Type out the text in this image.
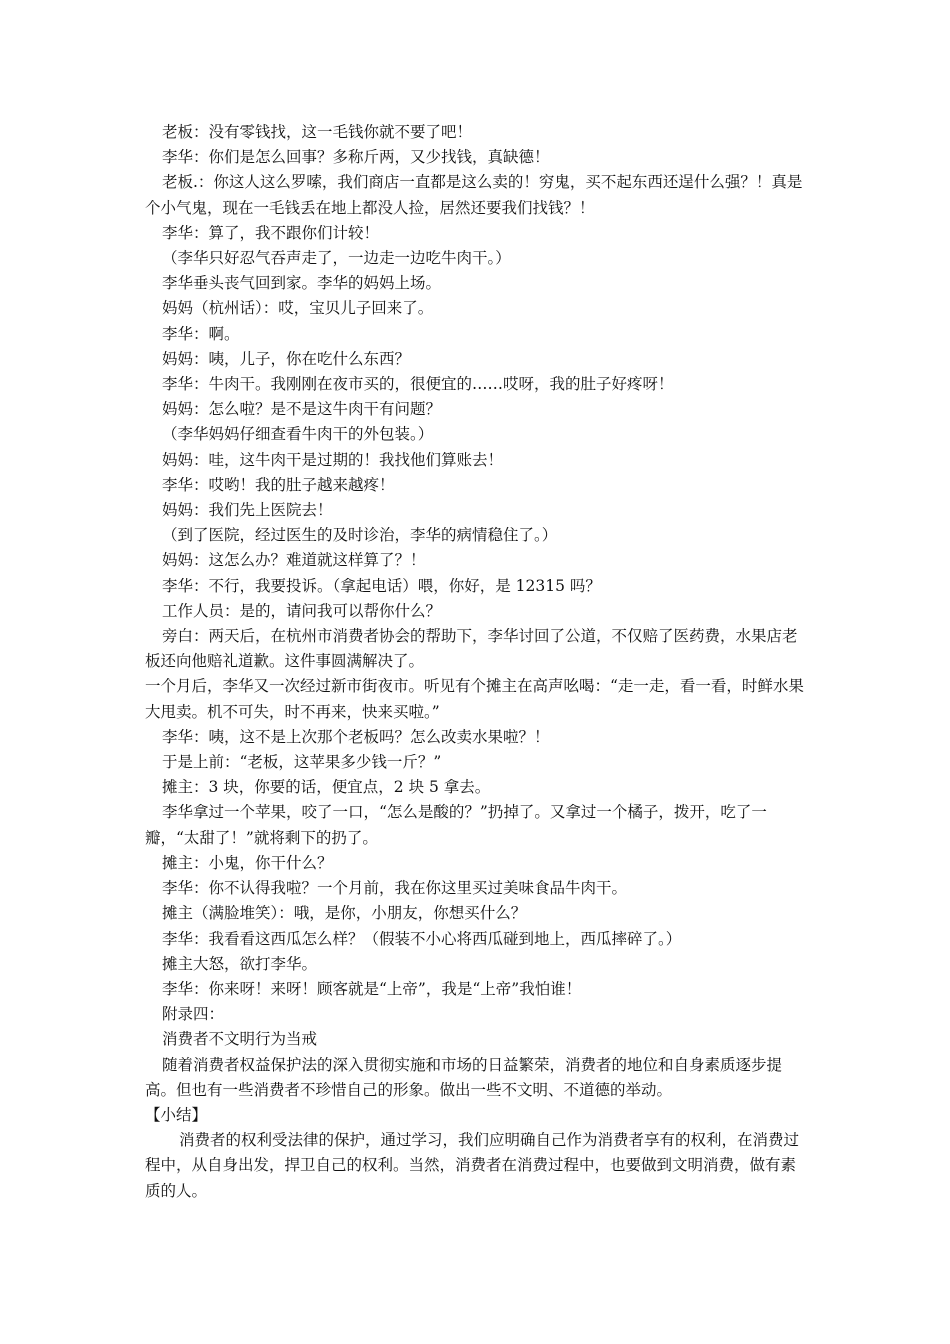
老板：没有零钱找，这一毛钱你就不要了吧！

李华：你们是怎么回事？多称斤两，又少找钱，真缺德！

老板.：你这人这么罗嗦，我们商店一直都是这么卖的！穷鬼，买不起东西还逞什么强？！真是个小气鬼，现在一毛钱丢在地上都没人捡，居然还要我们找钱？！

李华：算了，我不跟你们计较！

（李华只好忍气吞声走了，一边走一边吃牛肉干。）

李华垂头丧气回到家。李华的妈妈上场。

妈妈（杭州话）：哎，宝贝儿子回来了。

李华：啊。

妈妈：咦，儿子，你在吃什么东西？

李华：牛肉干。我刚刚在夜市买的，很便宜的……哎呀，我的肚子好疼呀！

妈妈：怎么啦？是不是这牛肉干有问题？

（李华妈妈仔细查看牛肉干的外包装。）

妈妈：哇，这牛肉干是过期的！我找他们算账去！

李华：哎哟！我的肚子越来越疼！

妈妈：我们先上医院去！

（到了医院，经过医生的及时诊治，李华的病情稳住了。）

妈妈：这怎么办？难道就这样算了？！

李华：不行，我要投诉。（拿起电话）喂，你好，是 12315 吗？

工作人员：是的，请问我可以帮你什么？

旁白：两天后，在杭州市消费者协会的帮助下，李华讨回了公道，不仅赔了医药费，水果店老板还向他赔礼道歉。这件事圆满解决了。

一个月后，李华又一次经过新市街夜市。听见有个摊主在高声吆喝：“走一走，看一看，时鲜水果大甩卖。机不可失，时不再来，快来买啦。”

李华：咦，这不是上次那个老板吗？怎么改卖水果啦？！

于是上前：“老板，这苹果多少钱一斤？”

摊主：3 块，你要的话，便宜点，2 块 5 拿去。

李华拿过一个苹果，咬了一口，“怎么是酸的？”扔掉了。又拿过一个橘子，拨开，吃了一瓣，“太甜了！”就将剩下的扔了。

摊主：小鬼，你干什么？

李华：你不认得我啦？一个月前，我在你这里买过美味食品牛肉干。

摊主（满脸堆笑）：哦，是你，小朋友，你想买什么？

李华：我看看这西瓜怎么样？（假装不小心将西瓜碰到地上，西瓜摔碎了。）

摊主大怒，欲打李华。

李华：你来呀！来呀！顾客就是“上帝”，我是“上帝”我怕谁！

附录四：

消费者不文明行为当戒

随着消费者权益保护法的深入贯彻实施和市场的日益繁荣，消费者的地位和自身素质逐步提高。但也有一些消费者不珍惜自己的形象。做出一些不文明、不道德的举动。

【小结】

消费者的权利受法律的保护，通过学习，我们应明确自己作为消费者享有的权利，在消费过程中，从自身出发，捍卫自己的权利。当然，消费者在消费过程中，也要做到文明消费，做有素质的人。
